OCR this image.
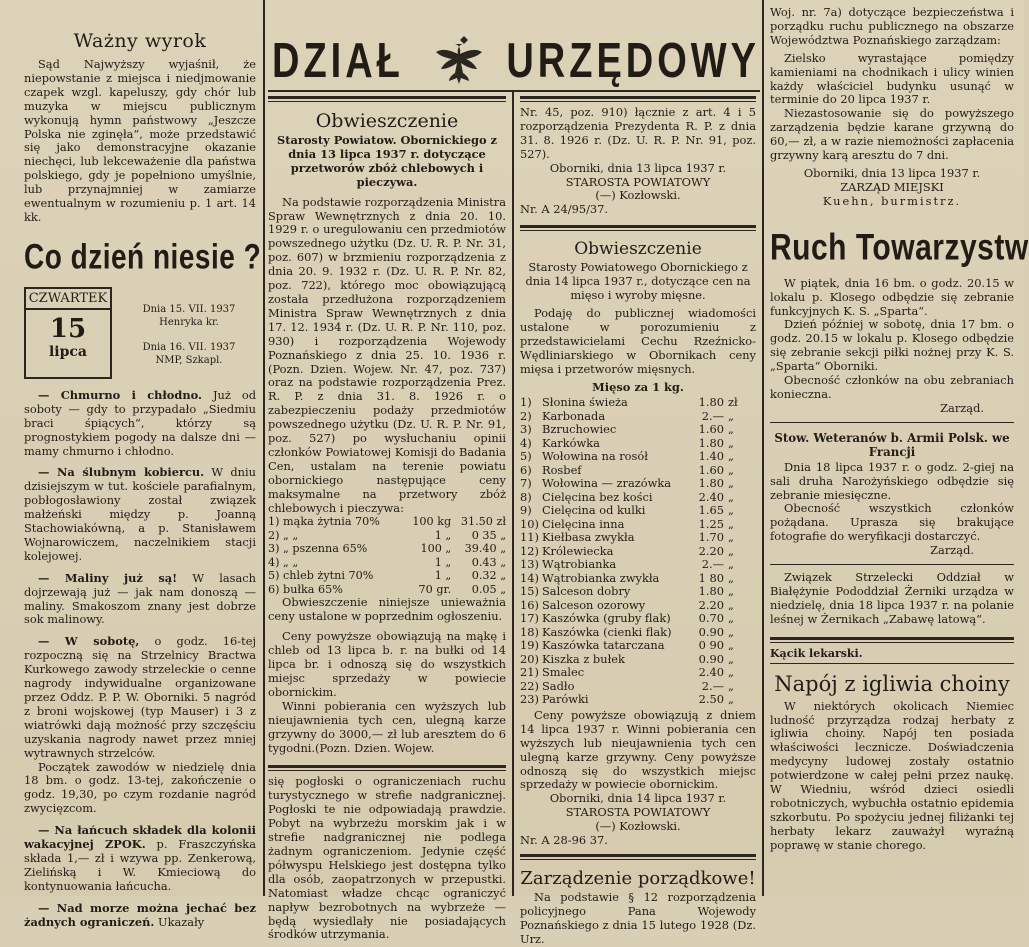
DZIAŁ	URZĘDOWY
Ważny wyrok

Sąd Najwyższy wyjaśnił, że niepowstanie z miejsca i niedjmowanie czapek wzgl. kapeluszy, gdy chór lub muzyka w miejscu publicznym wykonują hymn państwowy „Jeszcze Polska nie zginęła“, może przedstawić się jako demonstracyjne okazanie niechęci, lub lekceważenie dla państwa polskiego, gdy je popełniono umyślnie, lub przynajmniej w zamiarze ewentualnym w rozumieniu p. 1 art. 14 kk.

Co dzień niesie ?
CZWARTEK
15
lipca
Dnia 15. VII. 1937
Henryka kr.
Dnia 16. VII. 1937
NMP, Szkapl.

— Chmurno i chłodno. Już od soboty — gdy to przypadało „Siedmiu braci śpiących“, którzy są prognostykiem pogody na dalsze dni — mamy chmurno i chłodno.

— Na ślubnym kobiercu. W dniu dzisiejszym w tut. kościele parafialnym, pobłogosławiony został związek małżeński między p. Joanną Stachowiakówną, a p. Stanisławem Wojnarowiczem, naczelnikiem stacji kolejowej.

— Maliny już są! W lasach dojrzewają już — jak nam donoszą — maliny. Smakoszom znany jest dobrze sok malinowy.

— W sobotę, o godz. 16-tej rozpoczną się na Strzelnicy Bractwa Kurkowego zawody strzeleckie o cenne nagrody indywidualne organizowane przez Oddz. P. P. W. Oborniki. 5 nagród z broni wojskowej (typ Mauser) i 3 z wiatrówki dają możność przy szczęściu uzyskania nagrody nawet przez mniej wytrawnych strzelców.

Początek zawodów w niedzielę dnia 18 bm. o godz. 13-tej, zakończenie o godz. 19,30, po czym rozdanie nagród zwycięzcom.

— Na łańcuch składek dla kolonii wakacyjnej ZPOK. p. Fraszczyńska składa 1,— zł i wzywa pp. Zenkerową, Zielińską i W. Kmieciową do kontynuowania łańcucha.

— Nad morze można jechać bez żadnych ograniczeń. Ukazały

Obwieszczenie
Starosty Powiatow. Obornickiego z dnia 13 lipca 1937 r. dotyczące przetworów zbóż chlebowych i pieczywa.

Na podstawie rozporządzenia Ministra Spraw Wewnętrznych z dnia 20. 10. 1929 r. o uregulowaniu cen przedmiotów powszednego użytku (Dz. U. R. P. Nr. 31, poz. 607) w brzmieniu rozporządzenia z dnia 20. 9. 1932 r. (Dz. U. R. P. Nr. 82, poz. 722), którego moc obowiązującą została przedłużona rozporządzeniem Ministra Spraw Wewnętrznych z dnia 17. 12. 1934 r. (Dz. U. R. P. Nr. 110, poz. 930) i rozporządzenia Wojewody Poznańskiego z dnia 25. 10. 1936 r. (Pozn. Dzien. Wojew. Nr. 47, poz. 737) oraz na podstawie rozporządzenia Prez. R. P. z dnia 31. 8. 1926 r. o zabezpieczeniu podaży przedmiotów powszednego użytku (Dz. U. R. P. Nr. 91, poz. 527) po wysłuchaniu opinii członków Powiatowej Komisji do Badania Cen, ustalam na terenie powiatu obornickiego następujące ceny maksymalne na przetwory zbóż chlebowych i pieczywa:

1) mąka żytnia 70%	100 kg	31.50 zł
2) „ „	1 „	0 35 „
3) „ pszenna 65%	100 „	39.40 „
4) „ „	1 „	0.43 „
5) chleb żytni 70%	1 „	0.32 „
6) bułka 65%	70 gr.	0.05 „

Obwieszczenie niniejsze unieważnia ceny ustalone w poprzednim ogłoszeniu.

Ceny powyższe obowiązują na mąkę i chleb od 13 lipca b. r. na bułki od 14 lipca br. i odnoszą się do wszystkich miejsc sprzedaży w powiecie obornickim.

Winni pobierania cen wyższych lub nieujawnienia tych cen, ulegną karze grzywny do 3000,— zł lub aresztem do 6 tygodni.(Pozn. Dzien. Wojew.

się pogłoski o ograniczeniach ruchu turystycznego w strefie nadgranicznej. Pogłoski te nie odpowiadają prawdzie. Pobyt na wybrzeżu morskim jak i w strefie nadgranicznej nie podlega żadnym ograniczeniom. Jedynie część półwyspu Helskiego jest dostępna tylko dla osób, zaopatrzonych w przepustki. Natomiast władze chcąc ograniczyć napływ bezrobotnych na wybrzeże — będą wysiedlały nie posiadających środków utrzymania.

Nr. 45, poz. 910) łącznie z art. 4 i 5 rozporządzenia Prezydenta R. P. z dnia 31. 8. 1926 r. (Dz. U. R. P. Nr. 91, poz. 527).

Oborniki, dnia 13 lipca 1937 r.

STAROSTA POWIATOWY

(—) Kozłowski.

Nr. A 24/95/37.

Obwieszczenie

Starosty Powiatowego Obornickiego z dnia 14 lipca 1937 r., dotyczące cen na mięso i wyroby mięsne.

Podaję do publicznej wiadomości ustalone w porozumieniu z przedstawicielami Cechu Rzeźnicko-Wędliniarskiego w Obornikach ceny mięsa i przetworów mięsnych.

Mięso za 1 kg.

1)	Słonina świeża	1.80	zł
2)	Karbonada	2.—	„
3)	Bzruchowiec	1.60	„
4)	Karkówka	1.80	„
5)	Wołowina na rosół	1.40	„
6)	Rosbef	1.60	„
7)	Wołowina — zrazówka	1.80	„
8)	Cielęcina bez kości	2.40	„
9)	Cielęcina od kulki	1.65	„
10)	Cielęcina inna	1.25	„
11)	Kiełbasa zwykła	1.70	„
12)	Królewiecka	2.20	„
13)	Wątrobianka	2.—	„
14)	Wątrobianka zwykła	1 80	„
15)	Salceson dobry	1.80	„
16)	Salceson ozorowy	2.20	„
17)	Kaszówka (gruby flak)	0.70	„
18)	Kaszówka (cienki flak)	0.90	„
19)	Kaszówka tatarczana	0 90	„
20)	Kiszka z bułek	0.90	„
21)	Smalec	2.40	„
22)	Sadło	2.—	„
23)	Parówki	2.50	„

Ceny powyższe obowiązują z dniem 14 lipca 1937 r. Winni pobierania cen wyższych lub nieujawnienia tych cen ulegną karze grzywny. Ceny powyższe odnoszą się do wszystkich miejsc sprzedaży w powiecie obornickim.

Oborniki, dnia 14 lipca 1937 r.

STAROSTA POWIATOWY

(—) Kozłowski.

Nr. A 28-96 37.

Zarządzenie porządkowe!

Na podstawie § 12 rozporządzenia policyjnego Pana Wojewody Poznańskiego z dnia 15 lutego 1928 (Dz. Urz.

Woj. nr. 7a) dotyczące bezpieczeństwa i porządku ruchu publicznego na obszarze Województwa Poznańskiego zarządzam:

Zielsko wyrastające pomiędzy kamieniami na chodnikach i ulicy winien każdy właściciel budynku usunąć w terminie do 20 lipca 1937 r.

Niezastosowanie się do powyższego zarządzenia będzie karane grzywną do 60,— zł, a w razie niemożności zapłacenia grzywny karą aresztu do 7 dni.

Oborniki, dnia 13 lipca 1937 r.

ZARZĄD MIEJSKI

Kuehn, burmistrz.

Ruch Towarzystw

W piątek, dnia 16 bm. o godz. 20.15 w lokalu p. Klosego odbędzie się zebranie funkcyjnych K. S. „Sparta“.

Dzień później w sobotę, dnia 17 bm. o godz. 20.15 w lokalu p. Klosego odbędzie się zebranie sekcji piłki nożnej przy K. S. „Sparta“ Oborniki.

Obecność członków na obu zebraniach konieczna.

Zarząd.

Stow. Weteranów b. Armii Polsk. we Francji

Dnia 18 lipca 1937 r. o godz. 2-giej na sali druha Narożyńskiego odbędzie się zebranie miesięczne.

Obecność wszystkich członków pożądana. Uprasza się brakujące fotografie do weryfikacji dostarczyć.

Zarząd.

Związek Strzelecki Oddział w Białężynie Pododdział Żerniki urządza w niedzielę, dnia 18 lipca 1937 r. na polanie leśnej w Żernikach „Zabawę latową“.

Kącik lekarski.

Napój z igliwia choiny

W niektórych okolicach Niemiec ludność przyrządza rodzaj herbaty z igliwia choiny. Napój ten posiada właściwości lecznicze. Doświadczenia medycyny ludowej zostały ostatnio potwierdzone w całej pełni przez naukę. W Wiedniu, wśród dzieci osiedli robotniczych, wybuchła ostatnio epidemia szkorbutu. Po spożyciu jednej filiżanki tej herbaty lekarz zauważył wyraźną poprawę w stanie chorego.
